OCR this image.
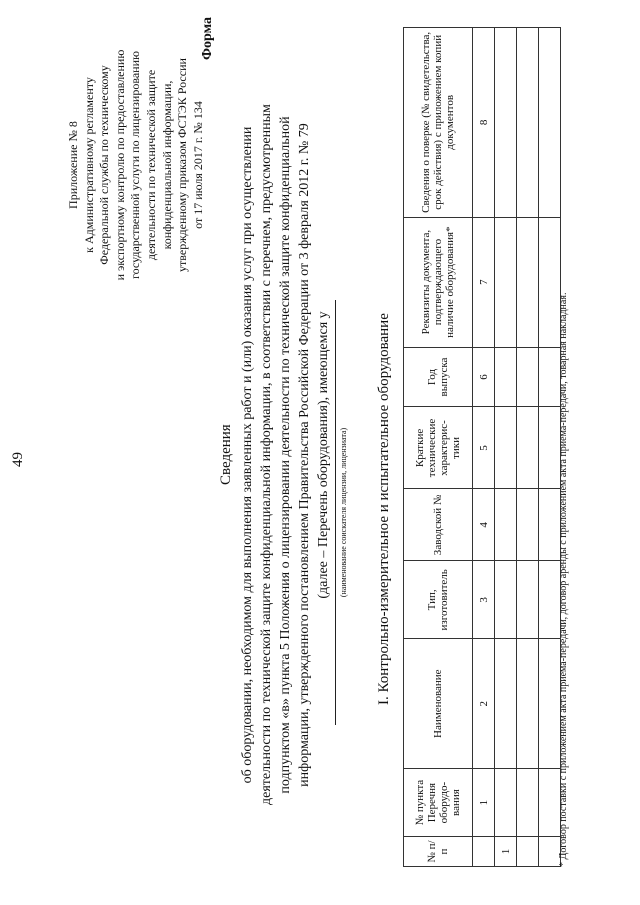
49
Приложение № 8 к Административному регламенту Федеральной службы по техническому и экспортному контролю по предоставлению государственной услуги по лицензированию деятельности по технической защите конфиденциальной информации, утвержденному приказом ФСТЭК России от 17 июля 2017 г. № 134
Форма
Сведения об оборудовании, необходимом для выполнения заявленных работ и (или) оказания услуг при осуществлении деятельности по технической защите конфиденциальной информации, в соответствии с перечнем, предусмотренным подпунктом «в» пункта 5 Положения о лицензировании деятельности по технической защите конфиденциальной информации, утвержденного постановлением Правительства Российской Федерации от 3 февраля 2012 г. № 79 (далее – Перечень оборудования), имеющемся у (наименование соискателя лицензии, лицензиата) I. Контрольно-измерительное и испытательное оборудование
№ п/п	№ пункта Перечня оборудо-вания	Наименование	Тип, изготовитель	Заводской №	Краткие технические характерис-тики	Год выпуска	Реквизиты документа, подтверждающего наличие оборудования*	Сведения о поверке (№ свидетельства, срок действия) с приложением копий документов
	1	2	3	4	5	6	7	8
1								

									* Договор поставки с приложением акта приема-передачи, договор аренды с приложением акта приема-передачи, товарная накладная.
